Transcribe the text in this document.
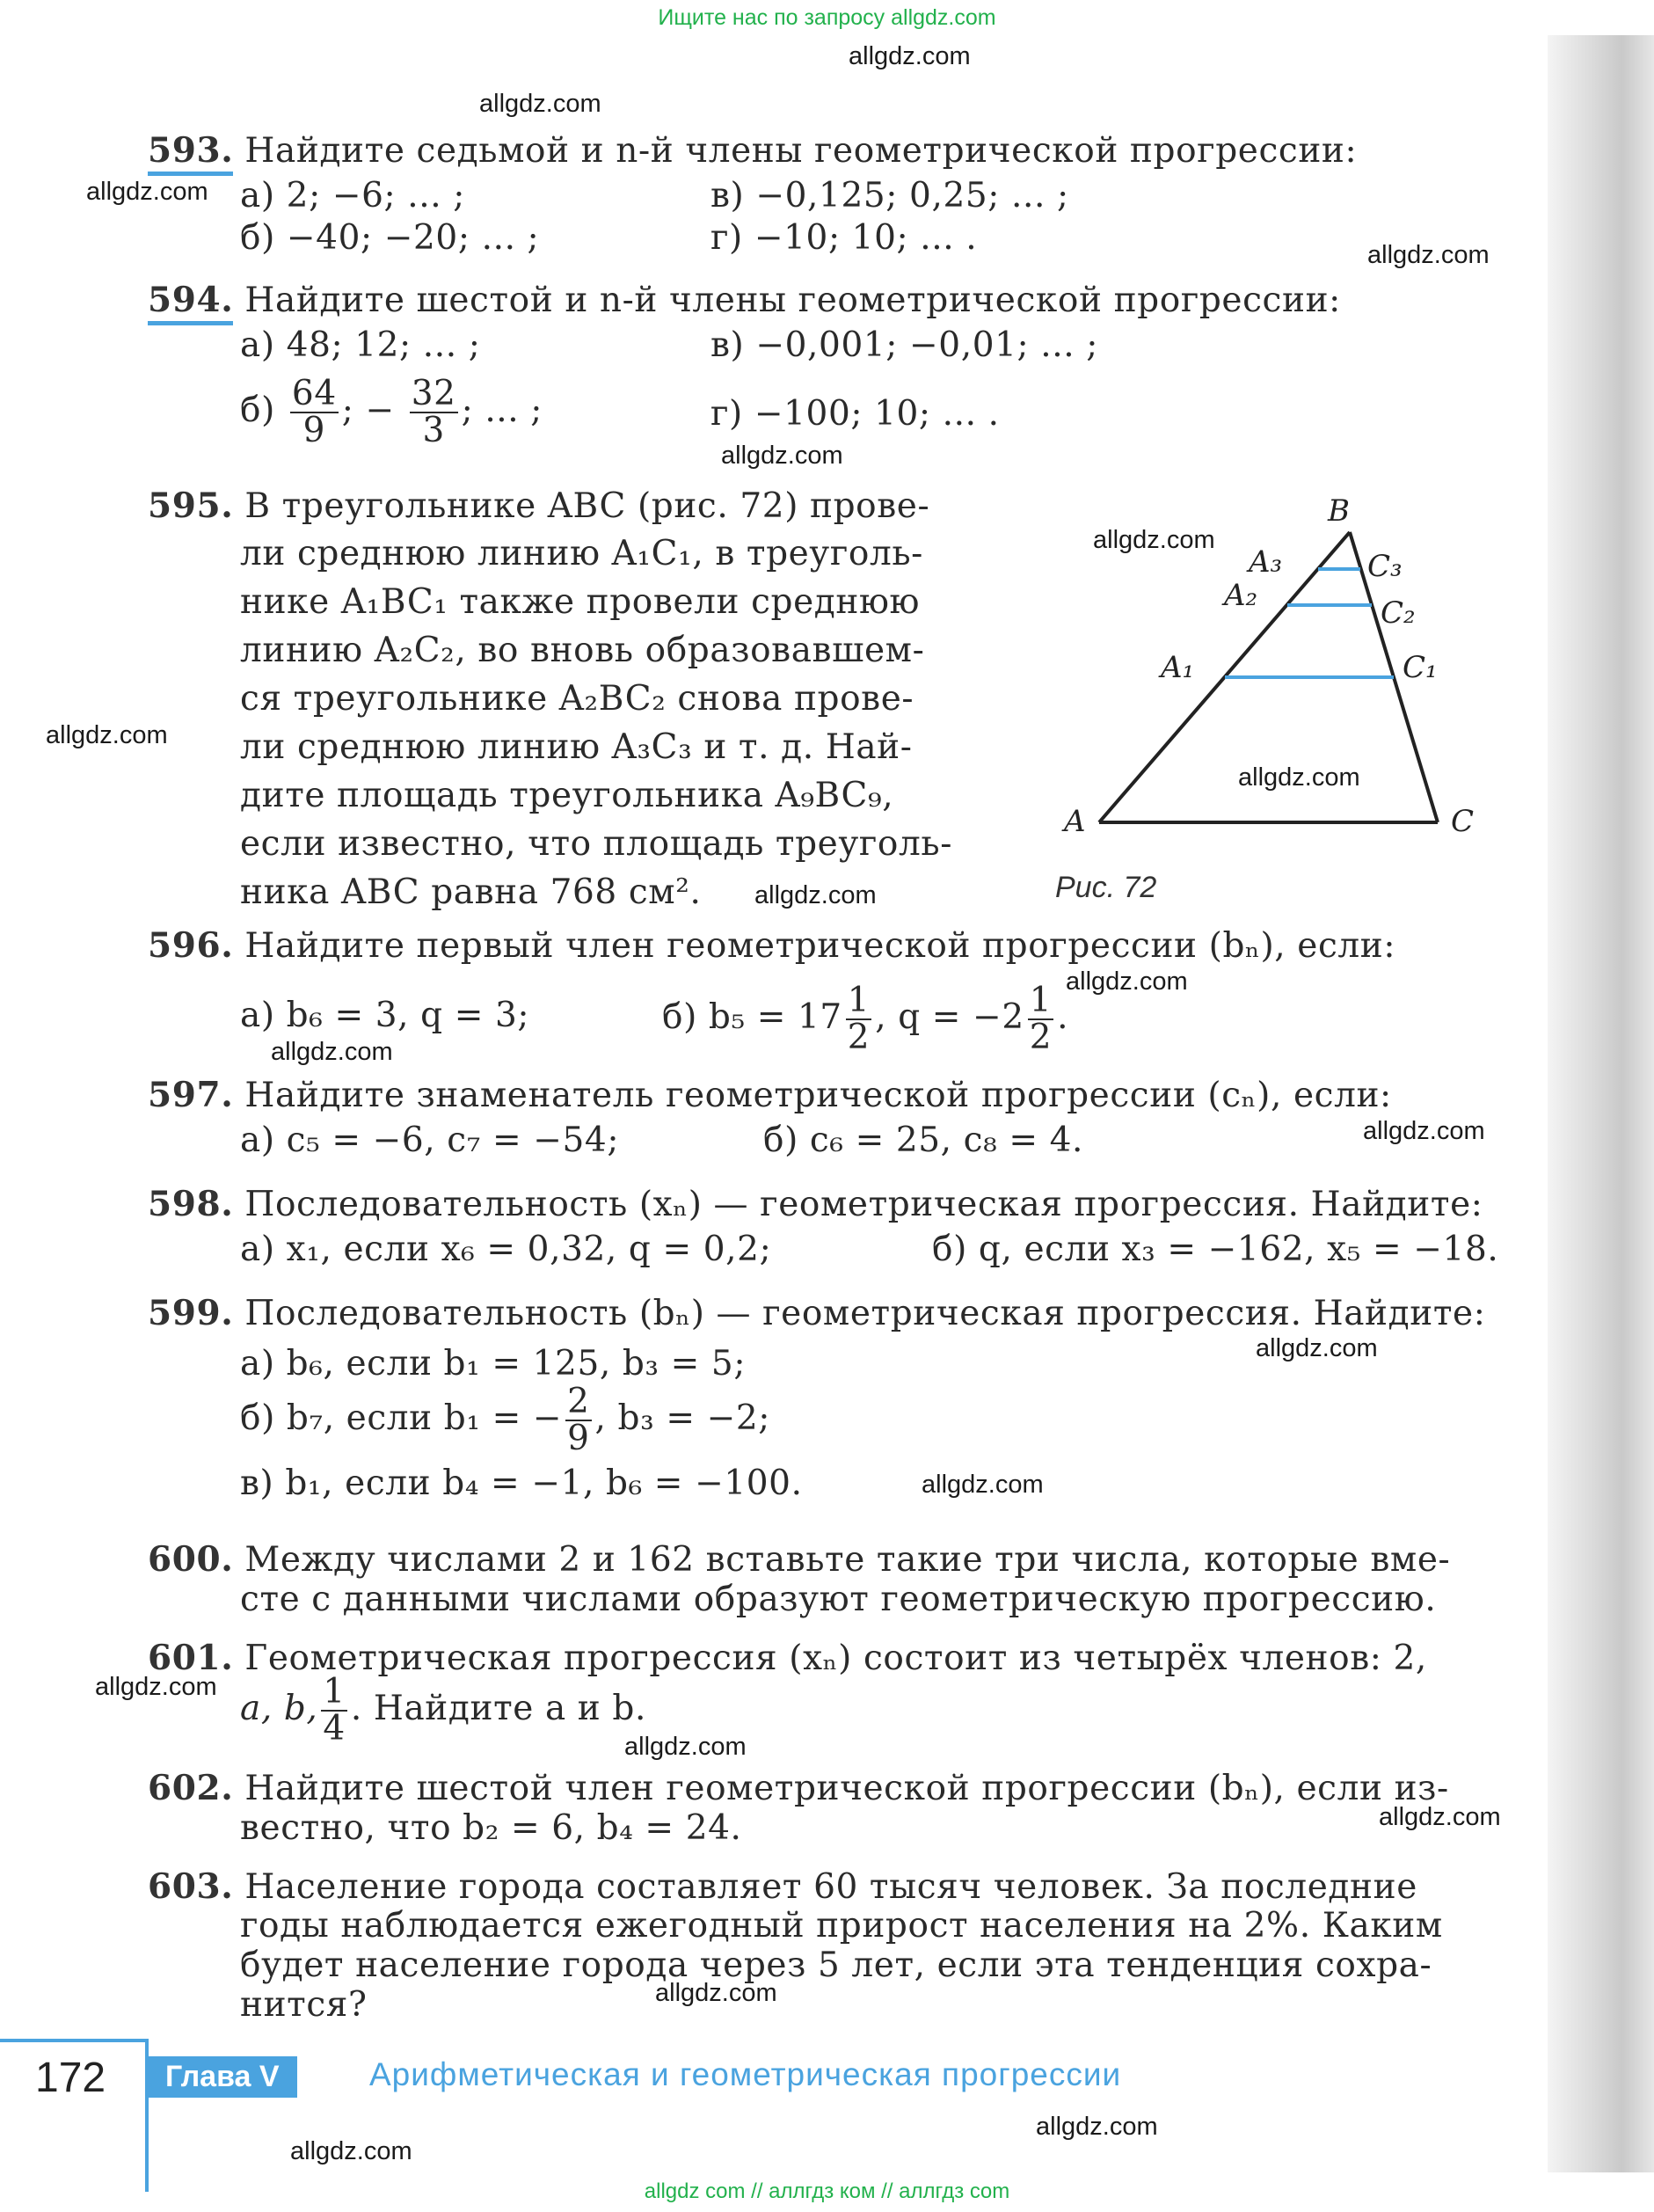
Ищите нас по запросу allgdz.com
allgdz.com
allgdz.com
allgdz.com
allgdz.com
allgdz.com
allgdz.com
allgdz.com
allgdz.com
allgdz.com
allgdz.com
allgdz.com
allgdz.com
allgdz.com
allgdz.com
allgdz.com
allgdz.com
allgdz.com
allgdz.com
allgdz.com
allgdz.com
593. Найдите седьмой и n-й члены геометрической прогрессии:
а) 2; −6; ... ;	в) −0,125; 0,25; ... ;
б) −40; −20; ... ;	г) −10; 10; ... .
594. Найдите шестой и n-й члены геометрической прогрессии:
а) 48; 12; ... ;	в) −0,001; −0,01; ... ;
$б) \frac{64}{9}$ ; − $\frac{32}{3}$ ; ... ;	г) −100; 10; ... .
595. В треугольнике ABC (рис. 72) прове-
ли среднюю линию A₁C₁, в треуголь-
нике A₁BC₁ также провели среднюю
линию A₂C₂, во вновь образовавшем-
ся треугольнике A₂BC₂ снова прове-
ли среднюю линию A₃C₃ и т. д. Най-
дите площадь треугольника A₉BC₉,
если известно, что площадь треуголь-
ника ABC равна 768 см².
A
B
C
A₁	C₁
A₂	C₂
A₃	C₃
Рис. 72
596. Найдите первый член геометрической прогрессии (bₙ), если:
а) b₆ = 3, q = 3;	б) $b_5 = 17 \frac{1}{2}$ , $q = -2 \frac{1}{2}$ .
597. Найдите знаменатель геометрической прогрессии (cₙ), если:
а) c₅ = −6, c₇ = −54;	б) c₆ = 25, c₈ = 4.
598. Последовательность (xₙ) — геометрическая прогрессия. Найдите:
а) x₁, если x₆ = 0,32, q = 0,2;	б) q, если x₃ = −162, x₅ = −18.
599. Последовательность (bₙ) — геометрическая прогрессия. Найдите:
а) b₆, если b₁ = 125, b₃ = 5;
б) b₇, если b₁ = − $\frac{2}{9}$ , b₃ = −2;
в) b₁, если b₄ = −1, b₆ = −100.
600. Между числами 2 и 162 вставьте такие три числа, которые вме-
сте с данными числами образуют геометрическую прогрессию.
601. Геометрическая прогрессия (xₙ) состоит из четырёх членов: 2,
a, b, $\frac{1}{4}$ . Найдите a и b.
602. Найдите шестой член геометрической прогрессии (bₙ), если из-
вестно, что b₂ = 6, b₄ = 24.
603. Население города составляет 60 тысяч человек. За последние
годы наблюдается ежегодный прирост населения на 2%. Каким
будет население города через 5 лет, если эта тенденция сохра-
нится?
172	Глава V	Арифметическая и геометрическая прогрессии
allgdz com // аллгдз ком // аллгдз com
